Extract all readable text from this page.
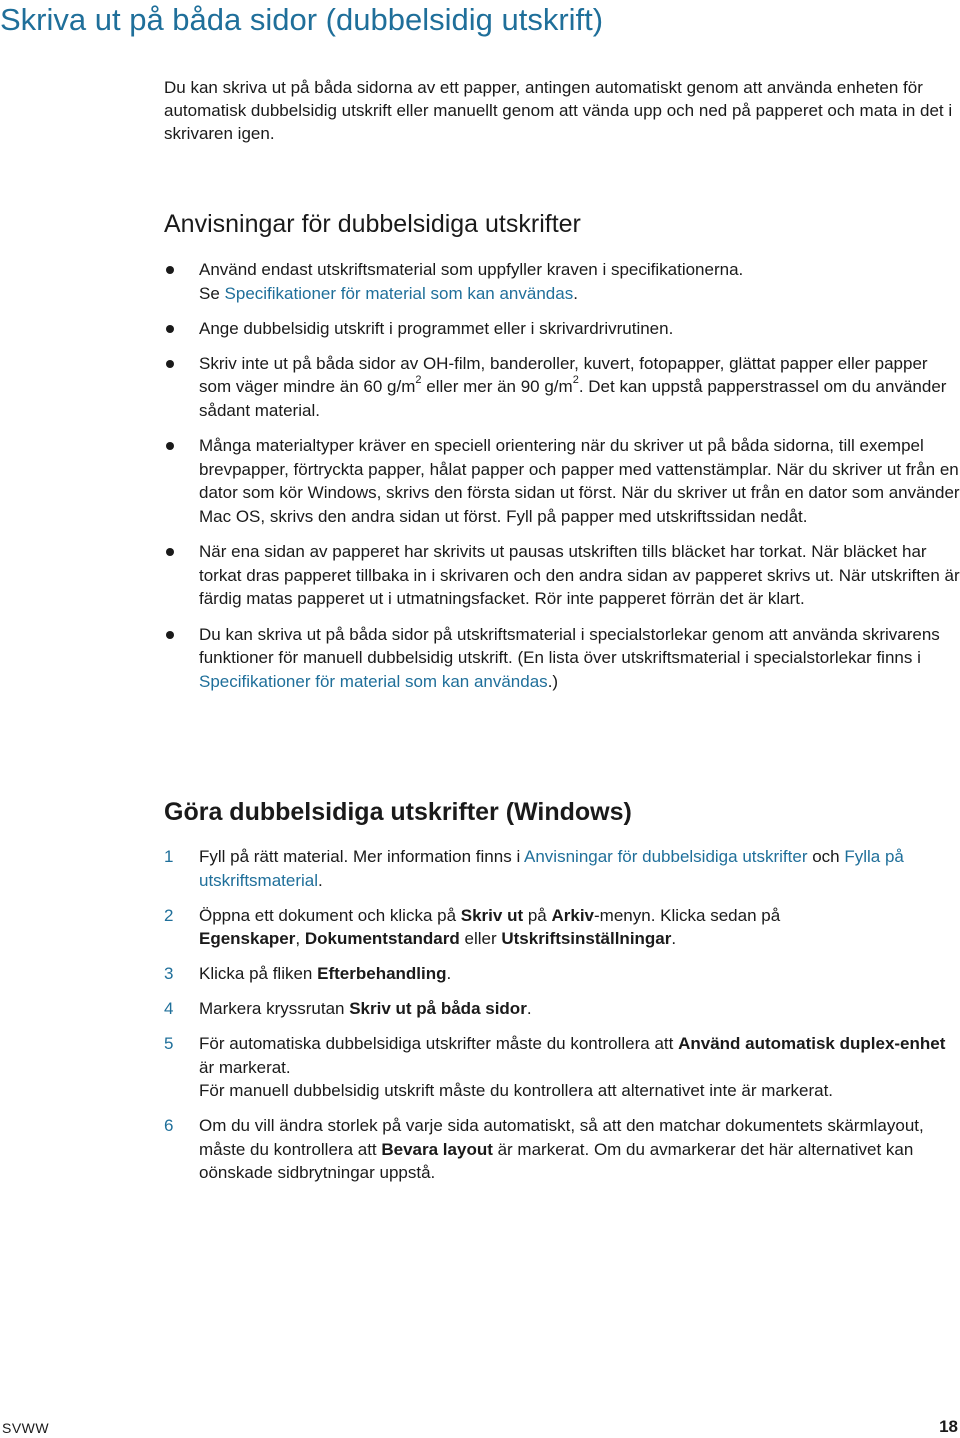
Skriva ut på båda sidor (dubbelsidig utskrift)

Du kan skriva ut på båda sidorna av ett papper, antingen automatiskt genom att använda enheten för automatisk dubbelsidig utskrift eller manuellt genom att vända upp och ned på papperet och mata in det i skrivaren igen.

Anvisningar för dubbelsidiga utskrifter
Använd endast utskriftsmaterial som uppfyller kraven i specifikationerna.
Se Specifikationer för material som kan användas.
Ange dubbelsidig utskrift i programmet eller i skrivardrivrutinen.
Skriv inte ut på båda sidor av OH-film, banderoller, kuvert, fotopapper, glättat papper eller papper som väger mindre än 60 $g/m^2$ eller mer än 90 $g/m^2$. Det kan uppstå papperstrassel om du använder sådant material.
Många materialtyper kräver en speciell orientering när du skriver ut på båda sidorna, till exempel brevpapper, förtryckta papper, hålat papper och papper med vattenstämplar. När du skriver ut från en dator som kör Windows, skrivs den första sidan ut först. När du skriver ut från en dator som använder Mac OS, skrivs den andra sidan ut först. Fyll på papper med utskriftssidan nedåt.
När ena sidan av papperet har skrivits ut pausas utskriften tills bläcket har torkat. När bläcket har torkat dras papperet tillbaka in i skrivaren och den andra sidan av papperet skrivs ut. När utskriften är färdig matas papperet ut i utmatningsfacket. Rör inte papperet förrän det är klart.
Du kan skriva ut på båda sidor på utskriftsmaterial i specialstorlekar genom att använda skrivarens funktioner för manuell dubbelsidig utskrift. (En lista över utskriftsmaterial i specialstorlekar finns i Specifikationer för material som kan användas.)
Göra dubbelsidiga utskrifter (Windows)
1	Fyll på rätt material. Mer information finns i Anvisningar för dubbelsidiga utskrifter och Fylla på utskriftsmaterial.
2	Öppna ett dokument och klicka på Skriv ut på Arkiv-menyn. Klicka sedan på
Egenskaper, Dokumentstandard eller Utskriftsinställningar.
3	Klicka på fliken Efterbehandling.
4	Markera kryssrutan Skriv ut på båda sidor.
5	För automatiska dubbelsidiga utskrifter måste du kontrollera att Använd automatisk duplex-enhet är markerat.
För manuell dubbelsidig utskrift måste du kontrollera att alternativet inte är markerat.
6	Om du vill ändra storlek på varje sida automatiskt, så att den matchar dokumentets skärmlayout, måste du kontrollera att Bevara layout är markerat. Om du avmarkerar det här alternativet kan oönskade sidbrytningar uppstå.
SVWW	18
